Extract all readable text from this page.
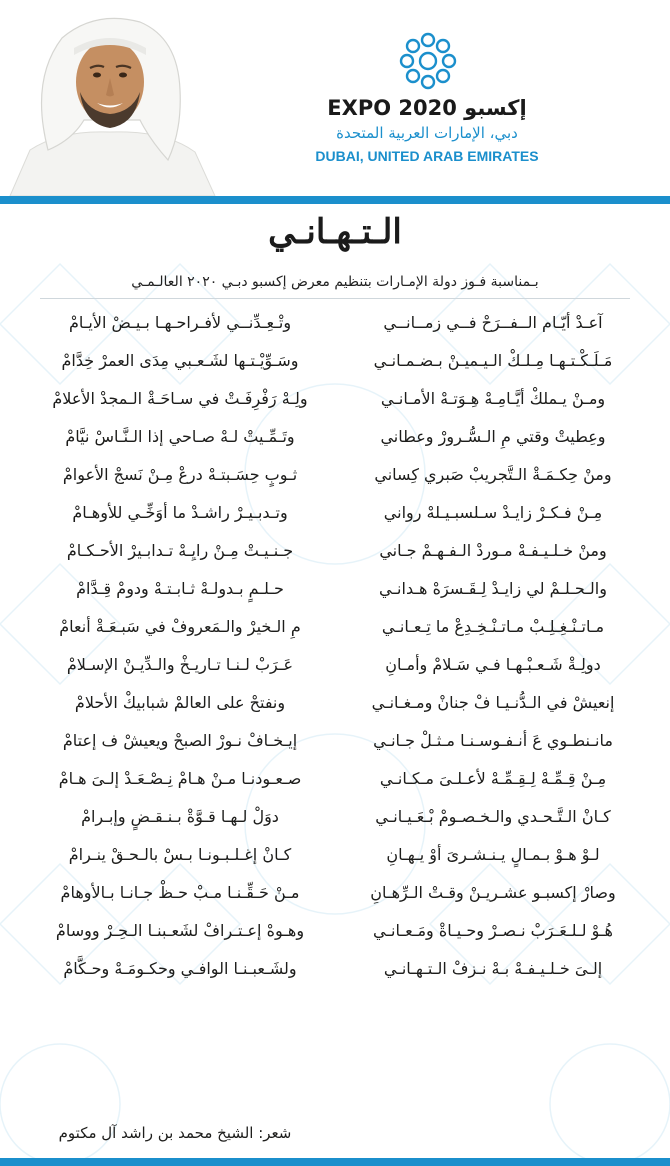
EXPO 2020 إكسبو
دبي، الإمارات العربية المتحدة
DUBAI, UNITED ARAB EMIRATES
الـتـهـانـي
بـمناسبة فـوز دولة الإمـارات بتنظيم معرض إكسبو دبـي ٢٠٢٠ العالـمـي
آعـدْ أيّـام الــفــرَحْ فــي زمــانــي
وتْـعِـدِّنــي لأفـراحـهـا بـيـضْ الأيـامْ
مَـلَـكْـتـهـا مِـلـكْ الـيـميـنْ بـضـمـانـي
وسَـوِّيْـتـها لشَـعـبي مِدَى العمرْ خِدَّامْ
ومـنْ يـملكْ أيَّـامِـهْ هِـوَتـهْ الأمـانـي
ولِـهْ رَفْرِفَـتْ في سـاحَـةْ الـمجدْ الأعلامْ
وعِطيتْ وقتي مِ الـسُّـرورْ وعطاني
وتَـمِّـيتْ لـهْ صـاحي إذا الـنَّـاسْ نيَّامْ
ومنْ حِكـمَـةْ الـتَّجريبْ صَبري كِساني
ثـوبٍ حِسَـبتـهْ درعْ مِـنْ نَسجْ الأعوامْ
مِـنْ فـكـرْ زايـدْ سـلسبـيـلهْ رواني
وتـدبـيـرْ راشـدْ ما أوَخِّـي للأوهـامْ
ومنْ خـلـيـفـهْ مـوردْ الـفـهـمْ جـاني
جـنـيـتْ مِـنْ رايِـهْ تـدابـيرْ الأحـكـامْ
والـحـلـمْ لي زايـدْ لِـقَـسرَهْ هـدانـي
حـلـمٍ بـدولـهْ ثـابـتـهْ ودومْ قِـدَّامْ
مـاتـنْـغِـلِـبْ مـاتـنْـخِـدِعْ ما تِـعـانـي
مِ الـخيرْ والـمَعروفْ في سَبـعَـةْ أنعامْ
دولِـةْ شَـعـبْـهـا فـي سَـلامْ وأمـانِ
عَـرَبْ لـنـا تـاريـخْ والـدِّيـنْ الإسـلامْ
إنعيشْ في الـدُّنـيـا فْ جنانْ ومـغـانـي
ونفتحْ على العالمْ شبابيكْ الأحلامْ
مانـنطـوي عَ أنـفـوسـنـا مـثـلْ جـانـي
إيـخـافْ نـورْ الصبحْ ويعيشْ ف إعتامْ
مِـنْ قِـمِّـهْ لِـقِـمِّـهْ لأعـلـىَ مـكـانـي
صـعـودنـا مـنْ هـامْ نِـصْـعَـدْ إلـىَ هـامْ
كـانْ الـتَّـحـدي والـخـصـومْ بْـعَـيـانـي
دوَلْ لـهـا قـوَّةْ بـنـقـضٍ وإبـرامْ
لـوْ هـوْ بـمـالٍ يـنـشـرىَ أوْ يـهـانِ
كـانْ إغـلـبـونـا بـسْ بالـحـقْ ينـرامْ
وصارْ إكسبـو عشـريـنْ وقـتْ الـرِّهـانِ
مـنْ حَـقِّـنـا مـبْ حـظْ جـانـا بـالأوهامْ
هُـوْ لـلـعَـرَبْ نـصـرْ وحـيـاةْ ومَـعـانـي
وهـوهْ إعـتـرافْ لشَعـبنـا الـحِـرْ ووسامْ
إلـىَ خـلـيـفـهْ بـهْ نـزفْ الـتـهـانـي
ولشَـعبـنـا الوافـي وحكـومَـهْ وحـكَّامْ
شعر: الشيخ محمد بن راشد آل مكتوم
